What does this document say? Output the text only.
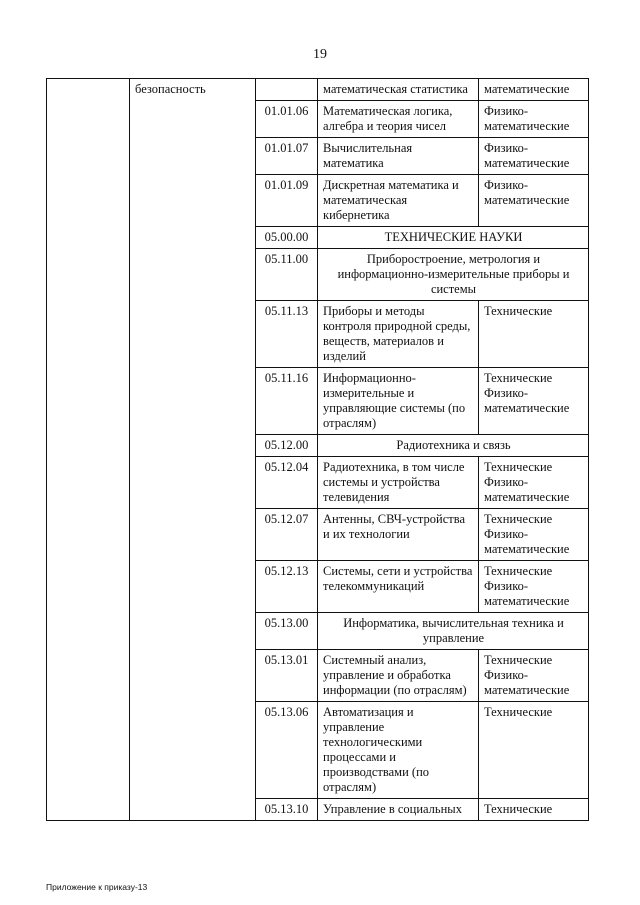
19
	безопасность		математическая статистика	математические
		01.01.06	Математическая логика, алгебра и теория чисел	Физико-математические
		01.01.07	Вычислительная математика	Физико-математические
		01.01.09	Дискретная математика и математическая кибернетика	Физико-математические
		05.00.00	ТЕХНИЧЕСКИЕ НАУКИ	
		05.11.00	Приборостроение, метрология и информационно-измерительные приборы и системы	
		05.11.13	Приборы и методы контроля природной среды, веществ, материалов и изделий	Технические
		05.11.16	Информационно-измерительные и управляющие системы (по отраслям)	Технические Физико-математические
		05.12.00	Радиотехника и связь	
		05.12.04	Радиотехника, в том числе системы и устройства телевидения	Технические Физико-математические
		05.12.07	Антенны, СВЧ-устройства и их технологии	Технические Физико-математические
		05.12.13	Системы, сети и устройства телекоммуникаций	Технические Физико-математические
		05.13.00	Информатика, вычислительная техника и управление	
		05.13.01	Системный анализ, управление и обработка информации (по отраслям)	Технические Физико-математические
		05.13.06	Автоматизация и управление технологическими процессами и производствами (по отраслям)	Технические
		05.13.10	Управление в социальных	Технические
Приложение к приказу-13
